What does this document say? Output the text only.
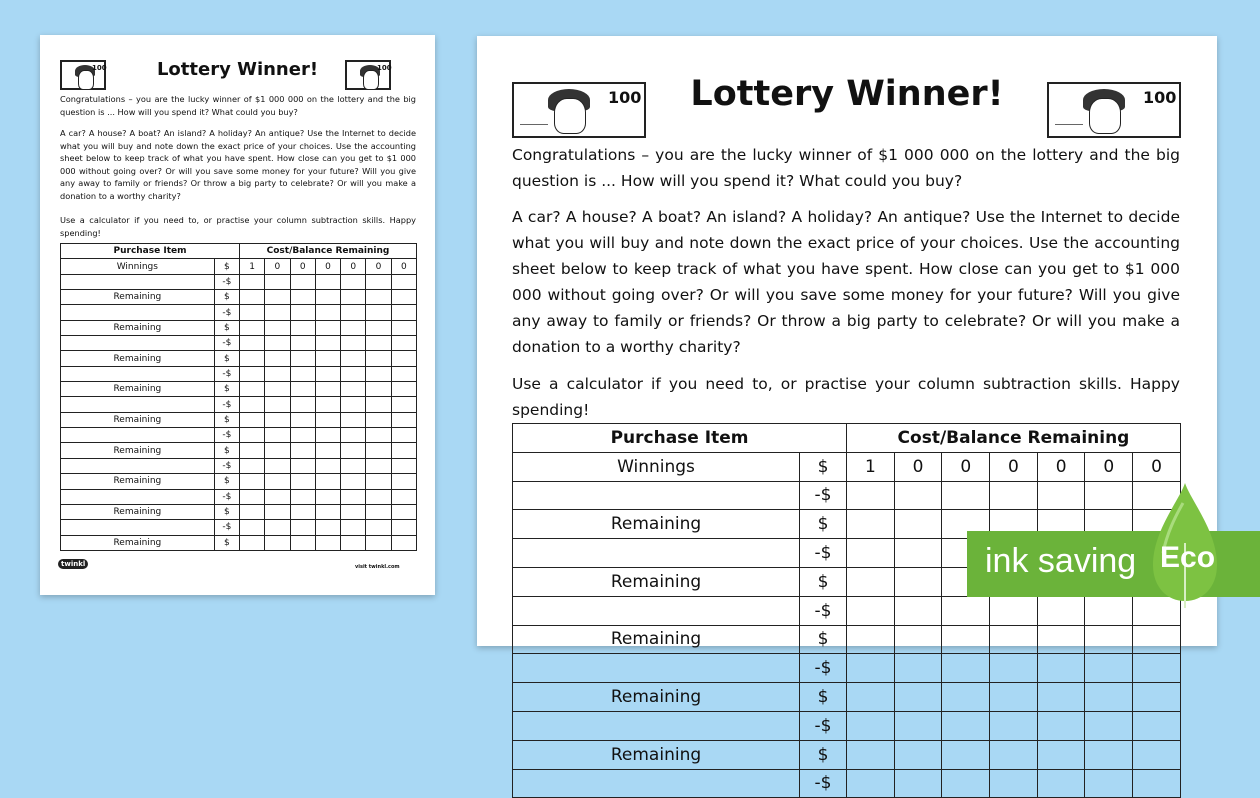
100	100
Lottery Winner!
Congratulations – you are the lucky winner of $1 000 000 on the lottery and the big question is ... How will you spend it? What could you buy?
A car? A house? A boat? An island? A holiday? An antique? Use the Internet to decide what you will buy and note down the exact price of your choices. Use the accounting sheet below to keep track of what you have spent. How close can you get to $1 000 000 without going over? Or will you save some money for your future? Will you give any away to family or friends? Or throw a big party to celebrate? Or will you make a donation to a worthy charity?
Use a calculator if you need to, or practise your column subtraction skills. Happy spending!
Purchase Item		Cost/Balance Remaining						
Winnings	$	1	0	0	0	0	0	0
	-$							
Remaining	$							
	-$							
Remaining	$							
	-$							
Remaining	$							
	-$							
Remaining	$							
	-$							
Remaining	$							
	-$							
Remaining	$							
	-$							
Remaining	$							
	-$							
Remaining	$							
	-$							
Remaining	$							
twinkl	visit twinkl.com
100	100
Lottery Winner!
Congratulations – you are the lucky winner of $1 000 000 on the lottery and the big question is ... How will you spend it? What could you buy?
A car? A house? A boat? An island? A holiday? An antique? Use the Internet to decide what you will buy and note down the exact price of your choices. Use the accounting sheet below to keep track of what you have spent. How close can you get to $1 000 000 without going over? Or will you save some money for your future? Will you give any away to family or friends? Or throw a big party to celebrate? Or will you make a donation to a worthy charity?
Use a calculator if you need to, or practise your column subtraction skills. Happy spending!
Purchase Item		Cost/Balance Remaining						
Winnings	$	1	0	0	0	0	0	0
	-$							
Remaining	$							
	-$							
Remaining	$							
	-$							
Remaining	$							
	-$							
Remaining	$							
	-$							
Remaining	$							
	-$							
ink saving Eco
